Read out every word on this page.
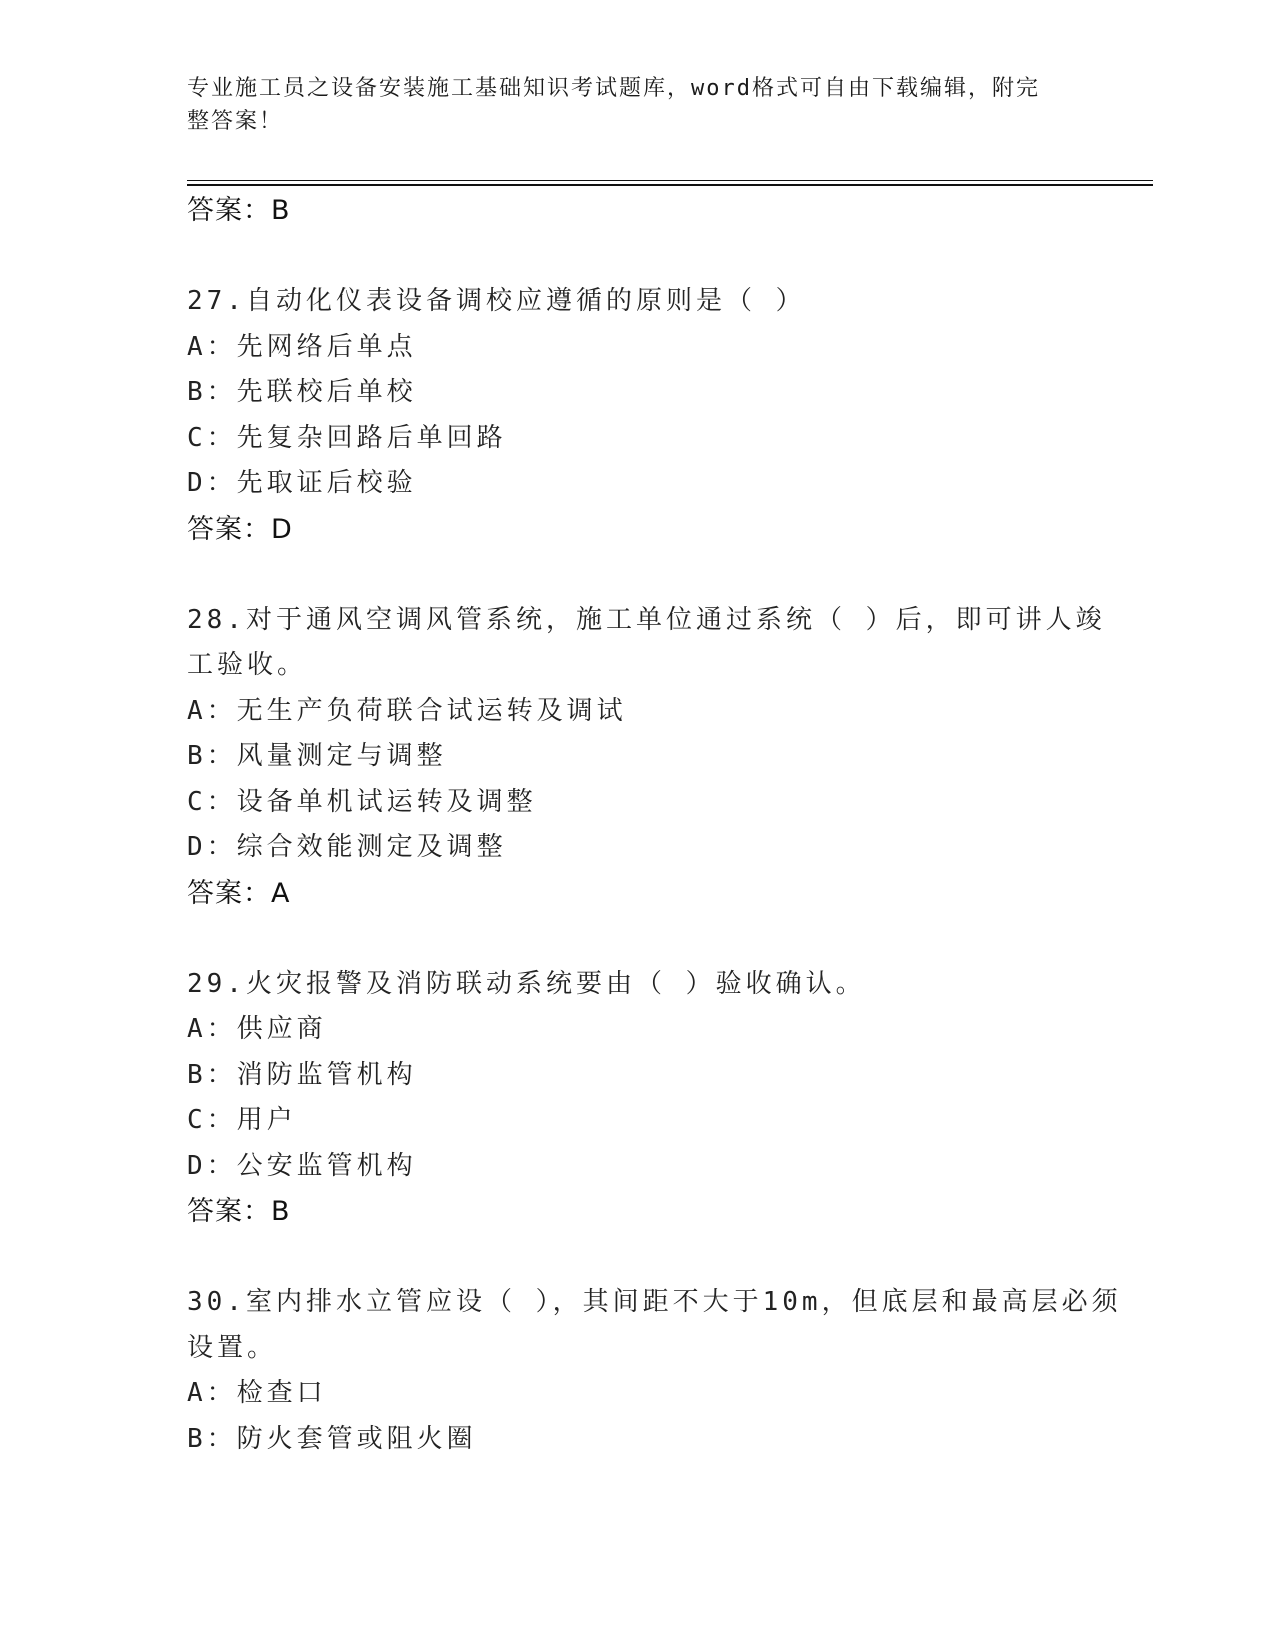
专业施工员之设备安装施工基础知识考试题库，word格式可自由下载编辑，附完
整答案！
答案：B
27.自动化仪表设备调校应遵循的原则是（ ）
A：先网络后单点
B：先联校后单校
C：先复杂回路后单回路
D：先取证后校验
答案：D
28.对于通风空调风管系统，施工单位通过系统（ ）后，即可讲人竣
工验收。
A：无生产负荷联合试运转及调试
B：风量测定与调整
C：设备单机试运转及调整
D：综合效能测定及调整
答案：A
29.火灾报警及消防联动系统要由（ ）验收确认。
A：供应商
B：消防监管机构
C：用户
D：公安监管机构
答案：B
30.室内排水立管应设（ ），其间距不大于10m，但底层和最高层必须
设置。
A：检查口
B：防火套管或阻火圈
